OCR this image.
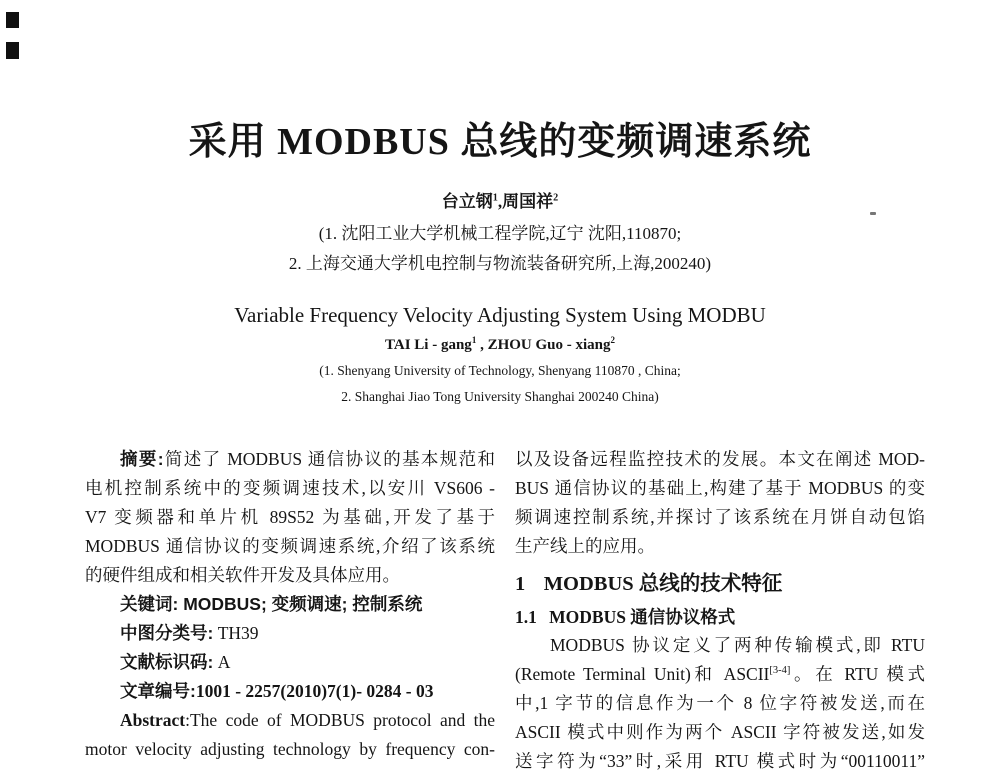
采用 MODBUS 总线的变频调速系统
台立钢$^1$,周国祥$^2$
(1. 沈阳工业大学机械工程学院,辽宁 沈阳,110870;
2. 上海交通大学机电控制与物流装备研究所,上海,200240)
Variable Frequency Velocity Adjusting System Using MODBU
TAI Li - gang$^1$ , ZHOU Guo - xiang$^2$
(1. Shenyang University of Technology, Shenyang 110870 , China;
2. Shanghai Jiao Tong University Shanghai 200240 China)
摘要:简述了 MODBUS 通信协议的基本规范和
电机控制系统中的变频调速技术,以安川 VS606 -
V7 变频器和单片机 89S52 为基础,开发了基于
MODBUS 通信协议的变频调速系统,介绍了该系统
的硬件组成和相关软件开发及具体应用。
关键词: MODBUS; 变频调速; 控制系统
中图分类号: TH39
文献标识码: A
文章编号:1001 - 2257(2010)7(1)- 0284 - 03
Abstract:The code of MODBUS protocol and the
motor velocity adjusting technology by frequency con-
以及设备远程监控技术的发展。本文在阐述 MOD-
BUS 通信协议的基础上,构建了基于 MODBUS 的变
频调速控制系统,并探讨了该系统在月饼自动包馅
生产线上的应用。
1 MODBUS 总线的技术特征
1.1 MODBUS 通信协议格式
MODBUS 协议定义了两种传输模式,即 RTU
(Remote Terminal Unit)和 ASCII[3-4]。在 RTU 模式
中,1 字节的信息作为一个 8 位字符被发送,而在
ASCII 模式中则作为两个 ASCII 字符被发送,如发
送字符为“33”时,采用 RTU 模式时为“00110011”
